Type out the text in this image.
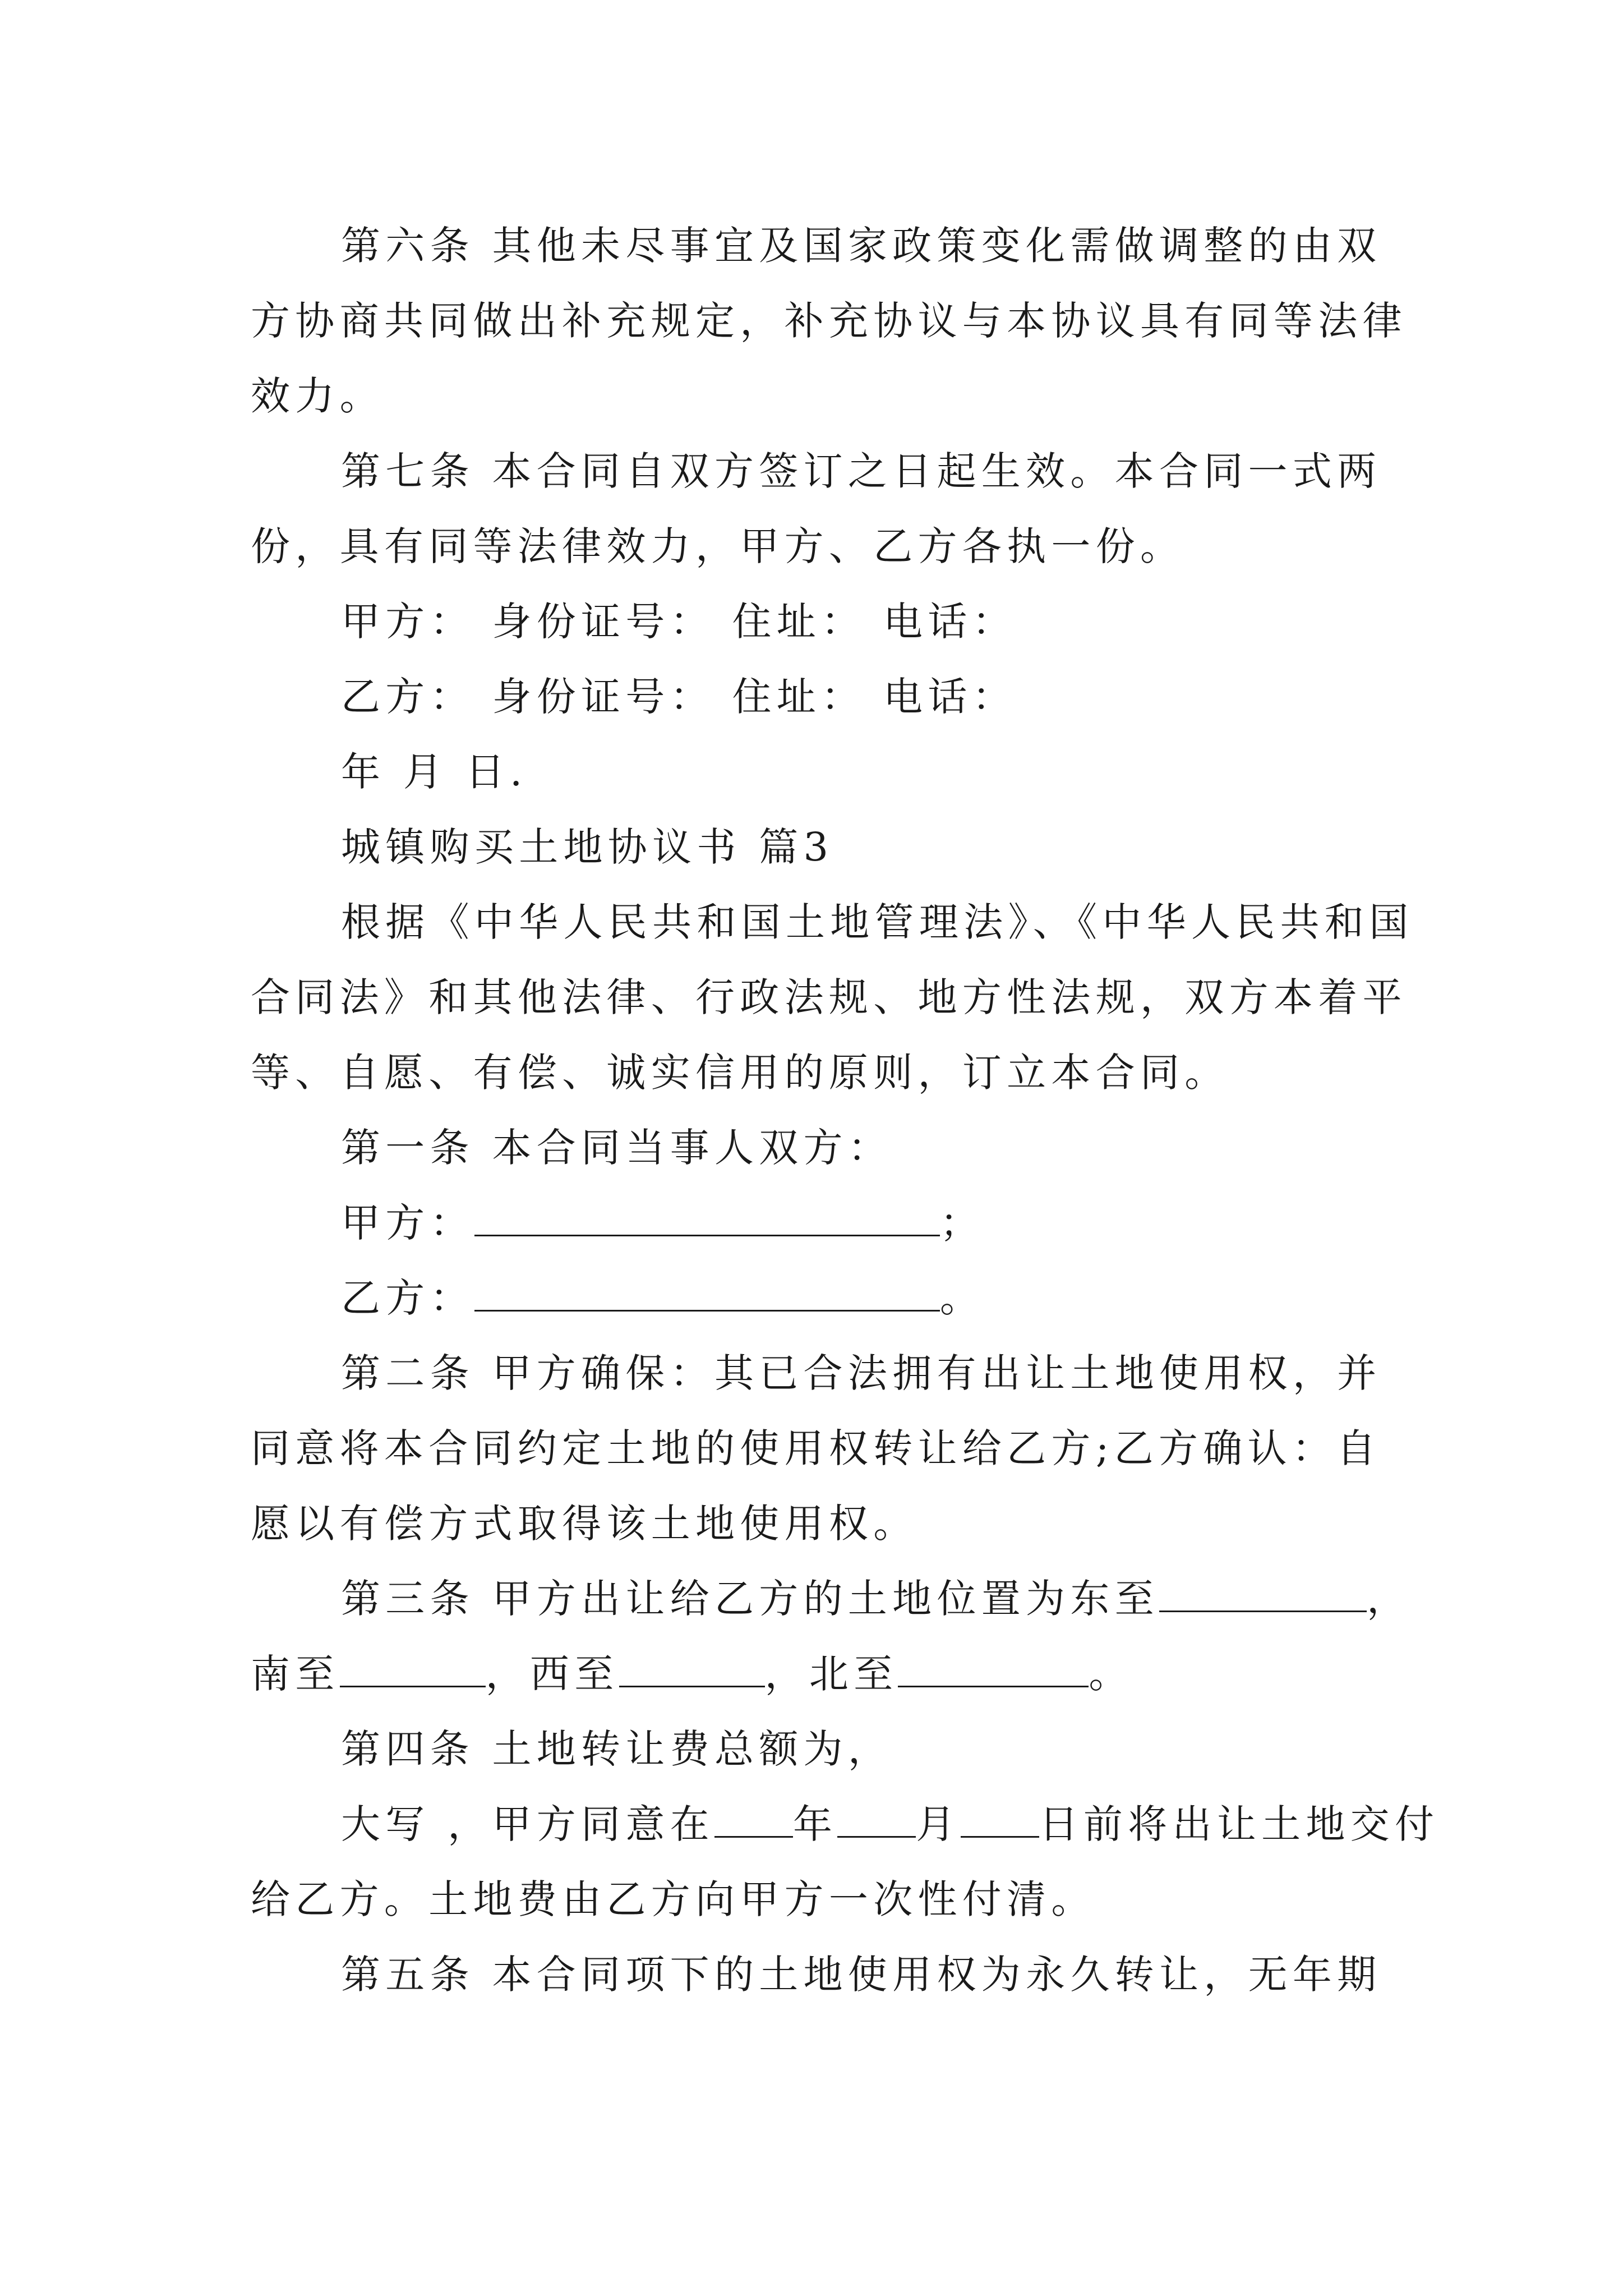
第六条 其他未尽事宜及国家政策变化需做调整的由双
方协商共同做出补充规定，补充协议与本协议具有同等法律
效力。
第七条 本合同自双方签订之日起生效。本合同一式两
份，具有同等法律效力，甲方、乙方各执一份。
甲方： 身份证号： 住址： 电话：
乙方： 身份证号： 住址： 电话：
年 月 日.
城镇购买土地协议书 篇3
根据《中华人民共和国土地管理法》、《中华人民共和国
合同法》和其他法律、行政法规、地方性法规，双方本着平
等、自愿、有偿、诚实信用的原则，订立本合同。
第一条 本合同当事人双方：
甲方：	；
乙方：	。
第二条 甲方确保：其已合法拥有出让土地使用权，并
同意将本合同约定土地的使用权转让给乙方;乙方确认：自
愿以有偿方式取得该土地使用权。
第三条 甲方出让给乙方的土地位置为东至	，
南至	，西至	，北至	。
第四条 土地转让费总额为，
大写 ，甲方同意在 年 月 日前将出让土地交付
给乙方。土地费由乙方向甲方一次性付清。
第五条 本合同项下的土地使用权为永久转让，无年期
